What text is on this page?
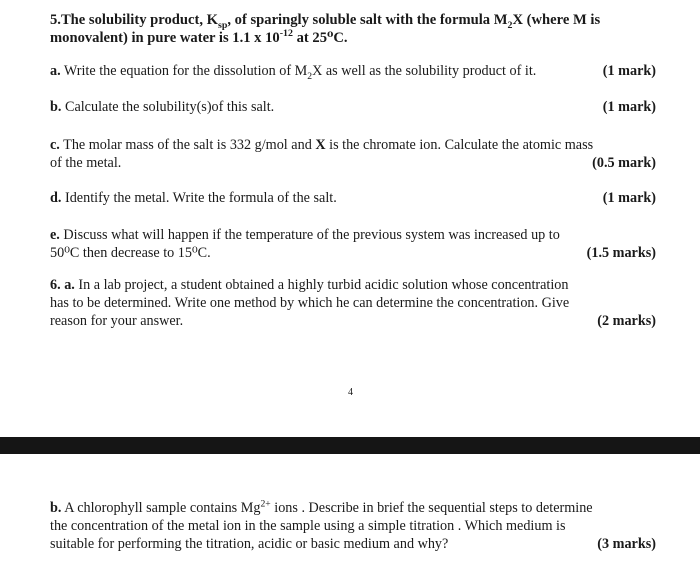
5.The solubility product, $K_{sp}$, of sparingly soluble salt with the formula $M_2X$ (where M is

monovalent) in pure water is 1.1 x $10^{-12}$ at 25⁰C.

a. Write the equation for the dissolution of $M_2X$ as well as the solubility product of it.	(1 mark)

b. Calculate the solubility(s)of this salt.	(1 mark)

c. The molar mass of the salt is 332 g/mol and X is the chromate ion. Calculate the atomic mass

of the metal.	(0.5 mark)

d. Identify the metal. Write the formula of the salt.	(1 mark)

e. Discuss what will happen if the temperature of the previous system was increased up to

50⁰C then decrease to 15⁰C.	(1.5 marks)

6. a. In a lab project, a student obtained a highly turbid acidic solution whose concentration

has to be determined. Write one method by which he can determine the concentration. Give

reason for your answer.	(2 marks)
4

b. A chlorophyll sample contains $Mg^{2+}$ ions . Describe in brief the sequential steps to determine

the concentration of the metal ion in the sample using a simple titration . Which medium is

suitable for performing the titration, acidic or basic medium and why?	(3 marks)
